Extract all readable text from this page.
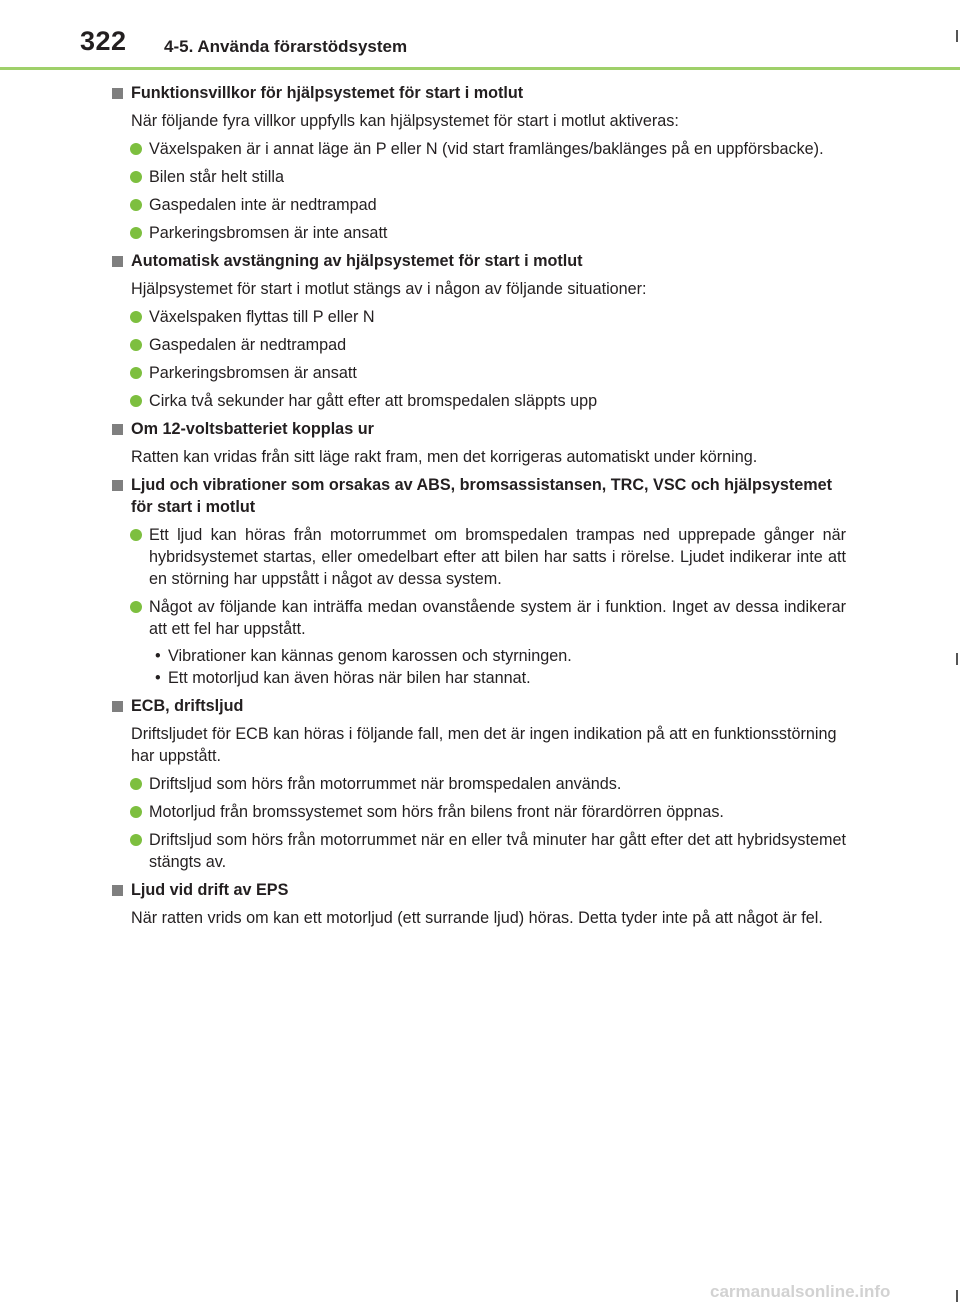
322 4-5. Använda förarstödsystem
Funktionsvillkor för hjälpsystemet för start i motlut
När följande fyra villkor uppfylls kan hjälpsystemet för start i motlut aktiveras:
Växelspaken är i annat läge än P eller N (vid start framlänges/baklänges på en uppförsbacke).
Bilen står helt stilla
Gaspedalen inte är nedtrampad
Parkeringsbromsen är inte ansatt
Automatisk avstängning av hjälpsystemet för start i motlut
Hjälpsystemet för start i motlut stängs av i någon av följande situationer:
Växelspaken flyttas till P eller N
Gaspedalen är nedtrampad
Parkeringsbromsen är ansatt
Cirka två sekunder har gått efter att bromspedalen släppts upp
Om 12-voltsbatteriet kopplas ur
Ratten kan vridas från sitt läge rakt fram, men det korrigeras automatiskt under körning.
Ljud och vibrationer som orsakas av ABS, bromsassistansen, TRC, VSC och hjälpsystemet för start i motlut
Ett ljud kan höras från motorrummet om bromspedalen trampas ned upprepade gånger när hybridsystemet startas, eller omedelbart efter att bilen har satts i rörelse. Ljudet indikerar inte att en störning har uppstått i något av dessa system.
Något av följande kan inträffa medan ovanstående system är i funktion. Inget av dessa indikerar att ett fel har uppstått.
• Vibrationer kan kännas genom karossen och styrningen.
• Ett motorljud kan även höras när bilen har stannat.
ECB, driftsljud
Driftsljudet för ECB kan höras i följande fall, men det är ingen indikation på att en funktionsstörning har uppstått.
Driftsljud som hörs från motorrummet när bromspedalen används.
Motorljud från bromssystemet som hörs från bilens front när förardörren öppnas.
Driftsljud som hörs från motorrummet när en eller två minuter har gått efter det att hybridsystemet stängts av.
Ljud vid drift av EPS
När ratten vrids om kan ett motorljud (ett surrande ljud) höras. Detta tyder inte på att något är fel.
carmanualsonline.info
